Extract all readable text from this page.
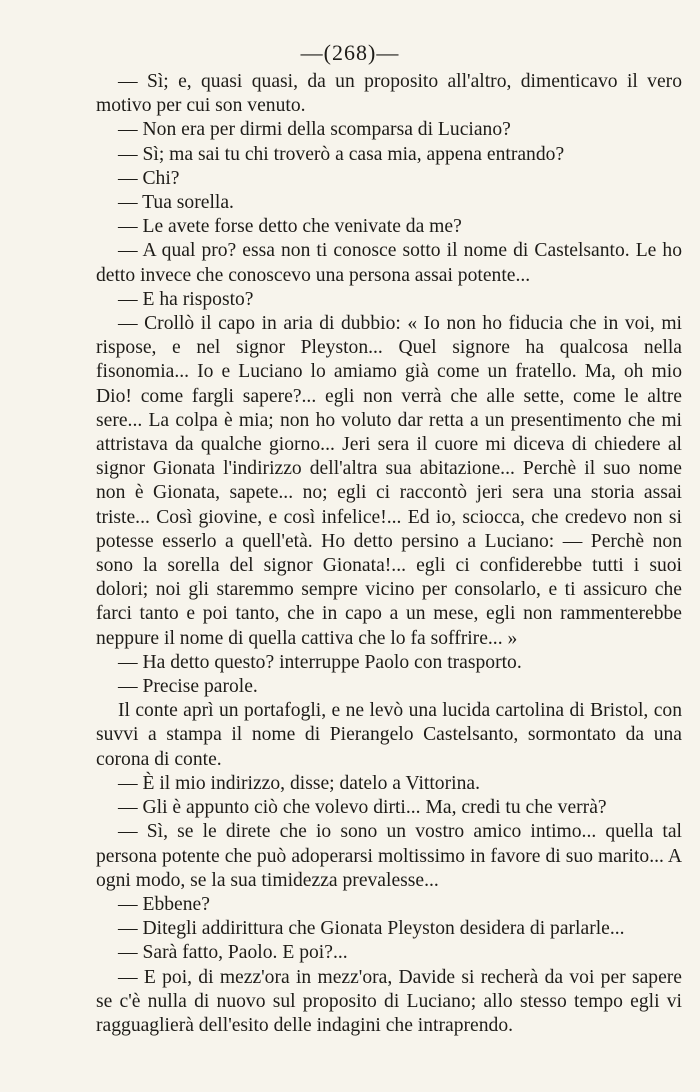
—(268)—

— Sì; e, quasi quasi, da un proposito all'altro, dimenticavo il vero motivo per cui son venuto.

— Non era per dirmi della scomparsa di Luciano?

— Sì; ma sai tu chi troverò a casa mia, appena entrando?

— Chi?

— Tua sorella.

— Le avete forse detto che venivate da me?

— A qual pro? essa non ti conosce sotto il nome di Castelsanto. Le ho detto invece che conoscevo una persona assai potente...

— E ha risposto?

— Crollò il capo in aria di dubbio: « Io non ho fiducia che in voi, mi rispose, e nel signor Pleyston... Quel signore ha qualcosa nella fisonomia... Io e Luciano lo amiamo già come un fratello. Ma, oh mio Dio! come fargli sapere?... egli non verrà che alle sette, come le altre sere... La colpa è mia; non ho voluto dar retta a un presentimento che mi attristava da qualche giorno... Jeri sera il cuore mi diceva di chiedere al signor Gionata l'indirizzo dell'altra sua abitazione... Perchè il suo nome non è Gionata, sapete... no; egli ci raccontò jeri sera una storia assai triste... Così giovine, e così infelice!... Ed io, sciocca, che credevo non si potesse esserlo a quell'età. Ho detto persino a Luciano: — Perchè non sono la sorella del signor Gionata!... egli ci confiderebbe tutti i suoi dolori; noi gli staremmo sempre vicino per consolarlo, e ti assicuro che farci tanto e poi tanto, che in capo a un mese, egli non rammenterebbe neppure il nome di quella cattiva che lo fa soffrire... »

— Ha detto questo? interruppe Paolo con trasporto.

— Precise parole.

Il conte aprì un portafogli, e ne levò una lucida cartolina di Bristol, con suvvi a stampa il nome di Pierangelo Castelsanto, sormontato da una corona di conte.

— È il mio indirizzo, disse; datelo a Vittorina.

— Gli è appunto ciò che volevo dirti... Ma, credi tu che verrà?

— Sì, se le direte che io sono un vostro amico intimo... quella tal persona potente che può adoperarsi moltissimo in favore di suo marito... A ogni modo, se la sua timidezza prevalesse...

— Ebbene?

— Ditegli addirittura che Gionata Pleyston desidera di parlarle...

— Sarà fatto, Paolo. E poi?...

— E poi, di mezz'ora in mezz'ora, Davide si recherà da voi per sapere se c'è nulla di nuovo sul proposito di Luciano; allo stesso tempo egli vi ragguaglierà dell'esito delle indagini che intraprendo.
